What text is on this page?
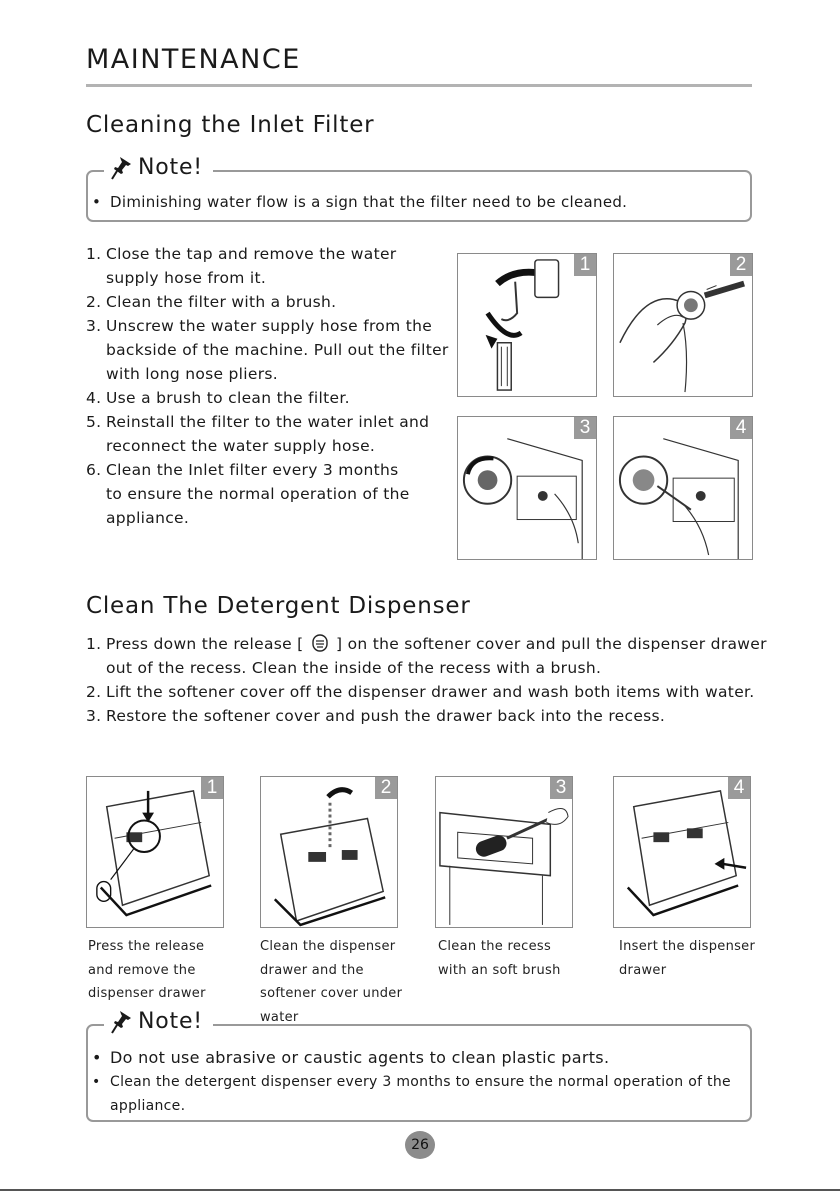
MAINTENANCE
Cleaning the Inlet Filter
Note!
• Diminishing water flow is a sign that the filter need to be cleaned.
1. Close the tap and remove the water supply hose from it.
2. Clean the filter with a brush.
3. Unscrew the water supply hose from the backside of the machine. Pull out the filter with long nose pliers.
4. Use a brush to clean the filter.
5. Reinstall the filter to the water inlet and reconnect the water supply hose.
6. Clean the Inlet filter every 3 months to ensure the normal operation of the appliance.
1	2
3	4
Clean The Detergent Dispenser
1. Press down the release [ ] on the softener cover and pull the dispenser drawer out of the recess. Clean the inside of the recess with a brush.
2. Lift the softener cover off the dispenser drawer and wash both items with water.
3. Restore the softener cover and push the drawer back into the recess.
1	2	3	4

Press the release and remove the dispenser drawer

Clean the dispenser drawer and the softener cover under water

Clean the recess with an soft brush

Insert the dispenser drawer

Note!
• Do not use abrasive or caustic agents to clean plastic parts.
• Clean the detergent dispenser every 3 months to ensure the normal operation of the appliance.
26
